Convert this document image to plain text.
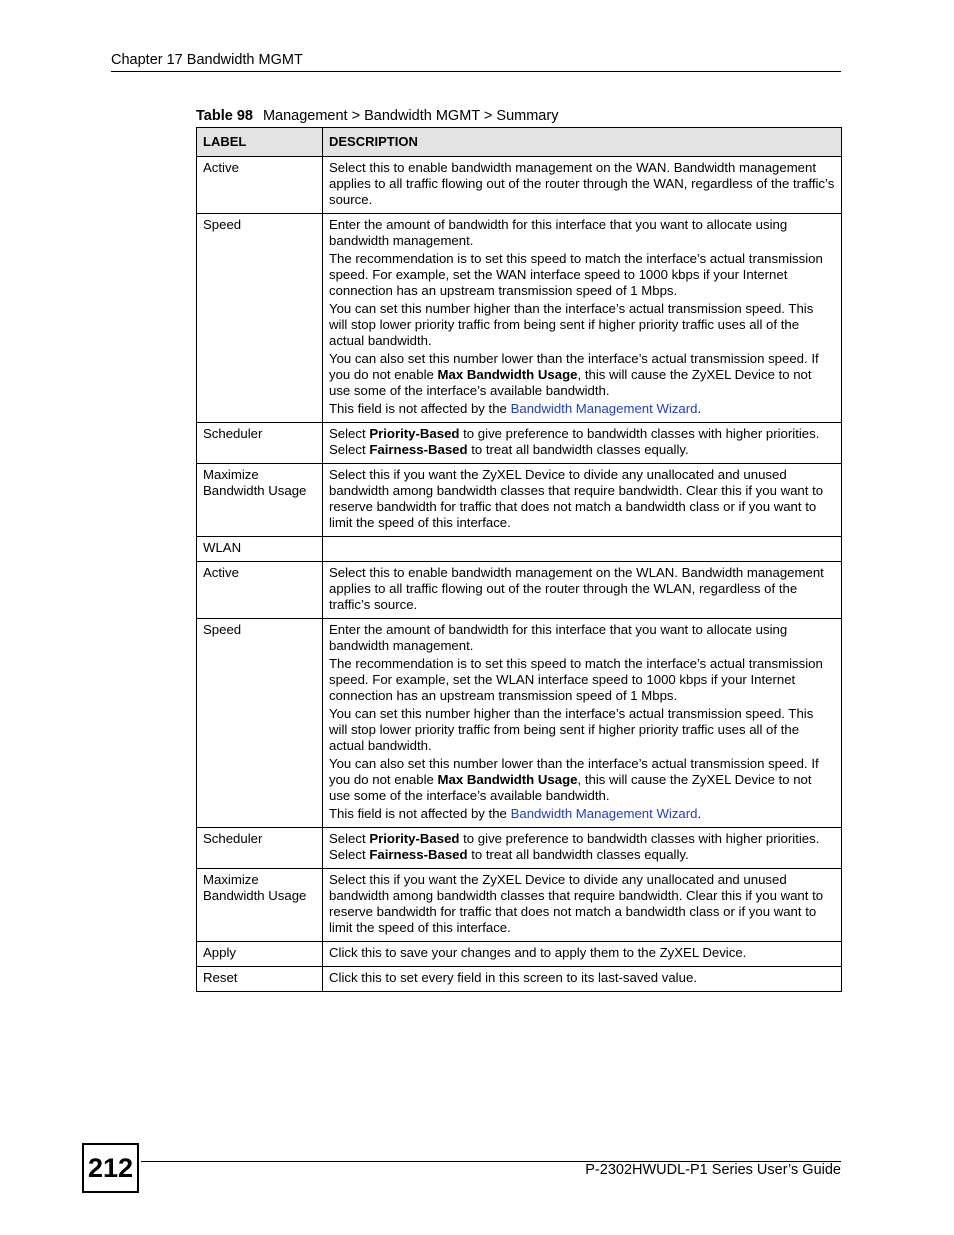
Chapter 17 Bandwidth MGMT
Table 98 Management > Bandwidth MGMT > Summary
LABEL	DESCRIPTION
Active	Select this to enable bandwidth management on the WAN. Bandwidth management applies to all traffic flowing out of the router through the WAN, regardless of the traffic’s source.

Speed	Enter the amount of bandwidth for this interface that you want to allocate using bandwidth management.

The recommendation is to set this speed to match the interface’s actual transmission speed. For example, set the WAN interface speed to 1000 kbps if your Internet connection has an upstream transmission speed of 1 Mbps.

You can set this number higher than the interface’s actual transmission speed. This will stop lower priority traffic from being sent if higher priority traffic uses all of the actual bandwidth.

You can also set this number lower than the interface’s actual transmission speed. If you do not enable Max Bandwidth Usage, this will cause the ZyXEL Device to not use some of the interface’s available bandwidth.

This field is not affected by the Bandwidth Management Wizard.

Scheduler	Select Priority-Based to give preference to bandwidth classes with higher priorities. Select Fairness-Based to treat all bandwidth classes equally.

Maximize Bandwidth Usage	Select this if you want the ZyXEL Device to divide any unallocated and unused bandwidth among bandwidth classes that require bandwidth. Clear this if you want to reserve bandwidth for traffic that does not match a bandwidth class or if you want to limit the speed of this interface.

WLAN	
Active	Select this to enable bandwidth management on the WLAN. Bandwidth management applies to all traffic flowing out of the router through the WLAN, regardless of the traffic’s source.

Speed	Enter the amount of bandwidth for this interface that you want to allocate using bandwidth management.

The recommendation is to set this speed to match the interface’s actual transmission speed. For example, set the WLAN interface speed to 1000 kbps if your Internet connection has an upstream transmission speed of 1 Mbps.

You can set this number higher than the interface’s actual transmission speed. This will stop lower priority traffic from being sent if higher priority traffic uses all of the actual bandwidth.

You can also set this number lower than the interface’s actual transmission speed. If you do not enable Max Bandwidth Usage, this will cause the ZyXEL Device to not use some of the interface’s available bandwidth.

This field is not affected by the Bandwidth Management Wizard.

Scheduler	Select Priority-Based to give preference to bandwidth classes with higher priorities. Select Fairness-Based to treat all bandwidth classes equally.

Maximize Bandwidth Usage	Select this if you want the ZyXEL Device to divide any unallocated and unused bandwidth among bandwidth classes that require bandwidth. Clear this if you want to reserve bandwidth for traffic that does not match a bandwidth class or if you want to limit the speed of this interface.

Apply	Click this to save your changes and to apply them to the ZyXEL Device.

Reset	Click this to set every field in this screen to its last-saved value.

212	P-2302HWUDL-P1 Series User’s Guide
